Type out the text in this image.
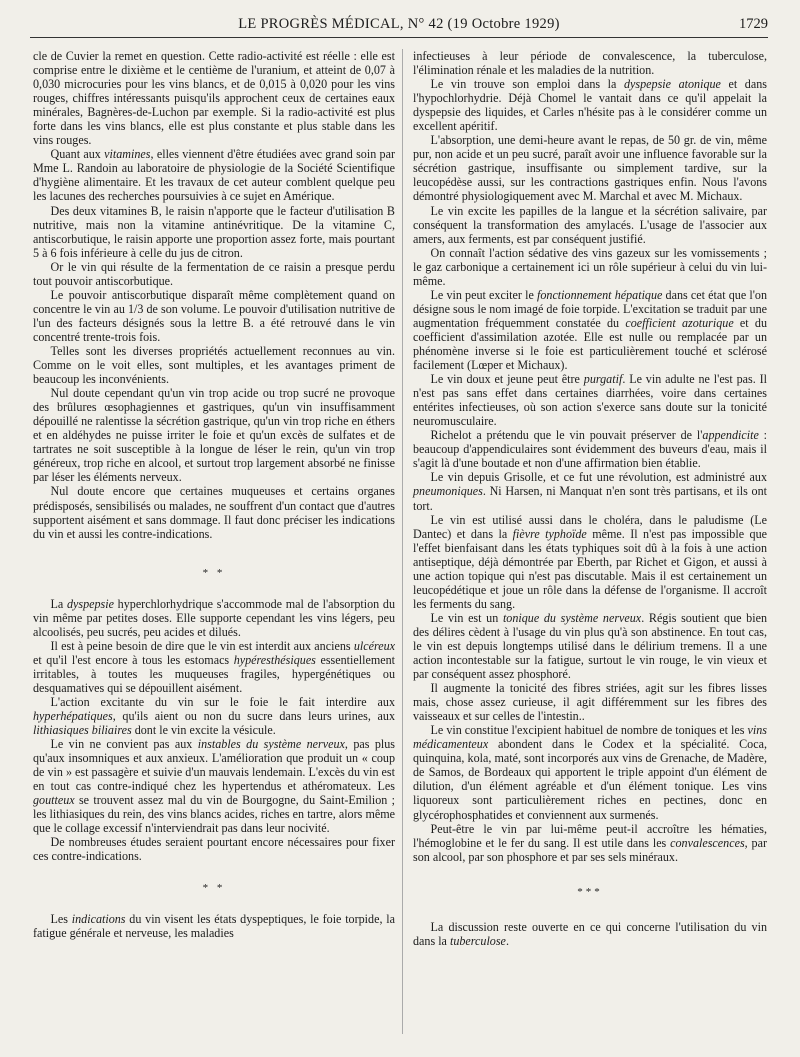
LE PROGRÈS MÉDICAL, N° 42 (19 Octobre 1929)	1729

cle de Cuvier la remet en question. Cette radio-activité est réelle : elle est comprise entre le dixième et le centième de l'uranium, et atteint de 0,07 à 0,030 microcuries pour les vins blancs, et de 0,015 à 0,020 pour les vins rouges, chiffres intéressants puisqu'ils approchent ceux de certaines eaux minérales, Bagnères-de-Luchon par exemple. Si la radio-activité est plus forte dans les vins blancs, elle est plus constante et plus stable dans les vins rouges.

Quant aux vitamines, elles viennent d'être étudiées avec grand soin par Mme L. Randoin au laboratoire de physiologie de la Société Scientifique d'hygiène alimentaire. Et les travaux de cet auteur comblent quelque peu les lacunes des recherches poursuivies à ce sujet en Amérique.

Des deux vitamines B, le raisin n'apporte que le facteur d'utilisation B nutritive, mais non la vitamine antinévritique. De la vitamine C, antiscorbutique, le raisin apporte une proportion assez forte, mais pourtant 5 à 6 fois inférieure à celle du jus de citron.

Or le vin qui résulte de la fermentation de ce raisin a presque perdu tout pouvoir antiscorbutique.

Le pouvoir antiscorbutique disparaît même complètement quand on concentre le vin au 1/3 de son volume. Le pouvoir d'utilisation nutritive de l'un des facteurs désignés sous la lettre B. a été retrouvé dans le vin concentré trente-trois fois.

Telles sont les diverses propriétés actuellement reconnues au vin. Comme on le voit elles, sont multiples, et les avantages priment de beaucoup les inconvénients.

Nul doute cependant qu'un vin trop acide ou trop sucré ne provoque des brûlures œsophagiennes et gastriques, qu'un vin insuffisamment dépouillé ne ralentisse la sécrétion gastrique, qu'un vin trop riche en éthers et en aldéhydes ne puisse irriter le foie et qu'un excès de sulfates et de tartrates ne soit susceptible à la longue de léser le rein, qu'un vin trop généreux, trop riche en alcool, et surtout trop largement absorbé ne finisse par léser les éléments nerveux.

Nul doute encore que certaines muqueuses et certains organes prédisposés, sensibilisés ou malades, ne souffrent d'un contact que d'autres supportent aisément et sans dommage. Il faut donc préciser les indications du vin et aussi les contre-indications.

* *

La dyspepsie hyperchlorhydrique s'accommode mal de l'absorption du vin même par petites doses. Elle supporte cependant les vins légers, peu alcoolisés, peu sucrés, peu acides et dilués.

Il est à peine besoin de dire que le vin est interdit aux anciens ulcéreux et qu'il l'est encore à tous les estomacs hypéresthésiques essentiellement irritables, à toutes les muqueuses fragiles, hypergénétiques ou desquamatives qui se dépouillent aisément.

L'action excitante du vin sur le foie le fait interdire aux hyperhépatiques, qu'ils aient ou non du sucre dans leurs urines, aux lithiasiques biliaires dont le vin excite la vésicule.

Le vin ne convient pas aux instables du système nerveux, pas plus qu'aux insomniques et aux anxieux. L'amélioration que produit un « coup de vin » est passagère et suivie d'un mauvais lendemain. L'excès du vin est en tout cas contre-indiqué chez les hypertendus et athéromateux. Les goutteux se trouvent assez mal du vin de Bourgogne, du Saint-Emilion ; les lithiasiques du rein, des vins blancs acides, riches en tartre, alors même que le collage excessif n'interviendrait pas dans leur nocivité.

De nombreuses études seraient pourtant encore nécessaires pour fixer ces contre-indications.

* *

Les indications du vin visent les états dyspeptiques, le foie torpide, la fatigue générale et nerveuse, les maladies

infectieuses à leur période de convalescence, la tuberculose, l'élimination rénale et les maladies de la nutrition.

Le vin trouve son emploi dans la dyspepsie atonique et dans l'hypochlorhydrie. Déjà Chomel le vantait dans ce qu'il appelait la dyspepsie des liquides, et Carles n'hésite pas à le considérer comme un excellent apéritif.

L'absorption, une demi-heure avant le repas, de 50 gr. de vin, même pur, non acide et un peu sucré, paraît avoir une influence favorable sur la sécrétion gastrique, insuffisante ou simplement tardive, sur la leucopédèse aussi, sur les contractions gastriques enfin. Nous l'avons démontré physiologiquement avec M. Marchal et avec M. Michaux.

Le vin excite les papilles de la langue et la sécrétion salivaire, par conséquent la transformation des amylacés. L'usage de l'associer aux amers, aux ferments, est par conséquent justifié.

On connaît l'action sédative des vins gazeux sur les vomissements ; le gaz carbonique a certainement ici un rôle supérieur à celui du vin lui-même.

Le vin peut exciter le fonctionnement hépatique dans cet état que l'on désigne sous le nom imagé de foie torpide. L'excitation se traduit par une augmentation fréquemment constatée du coefficient azoturique et du coefficient d'assimilation azotée. Elle est nulle ou remplacée par un phénomène inverse si le foie est particulièrement touché et sclérosé facilement (Lœper et Michaux).

Le vin doux et jeune peut être purgatif. Le vin adulte ne l'est pas. Il n'est pas sans effet dans certaines diarrhées, voire dans certaines entérites infectieuses, où son action s'exerce sans doute sur la tonicité neuromusculaire.

Richelot a prétendu que le vin pouvait préserver de l'appendicite : beaucoup d'appendiculaires sont évidemment des buveurs d'eau, mais il s'agit là d'une boutade et non d'une affirmation bien établie.

Le vin depuis Grisolle, et ce fut une révolution, est administré aux pneumoniques. Ni Harsen, ni Manquat n'en sont très partisans, et ils ont tort.

Le vin est utilisé aussi dans le choléra, dans le paludisme (Le Dantec) et dans la fièvre typhoïde même. Il n'est pas impossible que l'effet bienfaisant dans les états typhiques soit dû à la fois à une action antiseptique, déjà démontrée par Eberth, par Richet et Gigon, et aussi à une action topique qui n'est pas discutable. Mais il est certainement un leucopédétique et joue un rôle dans la défense de l'organisme. Il accroît les ferments du sang.

Le vin est un tonique du système nerveux. Régis soutient que bien des délires cèdent à l'usage du vin plus qu'à son abstinence. En tout cas, le vin est depuis longtemps utilisé dans le délirium tremens. Il a une action incontestable sur la fatigue, surtout le vin rouge, le vin vieux et par conséquent assez phosphoré.

Il augmente la tonicité des fibres striées, agit sur les fibres lisses mais, chose assez curieuse, il agit différemment sur les fibres des vaisseaux et sur celles de l'intestin..

Le vin constitue l'excipient habituel de nombre de toniques et les vins médicamenteux abondent dans le Codex et la spécialité. Coca, quinquina, kola, maté, sont incorporés aux vins de Grenache, de Madère, de Samos, de Bordeaux qui apportent le triple appoint d'un élément de dilution, d'un élément agréable et d'un élément tonique. Les vins liquoreux sont particulièrement riches en pectines, donc en glycérophosphatides et conviennent aux surmenés.

Peut-être le vin par lui-même peut-il accroître les hématies, l'hémoglobine et le fer du sang. Il est utile dans les convalescences, par son alcool, par son phosphore et par ses sels minéraux.

***

La discussion reste ouverte en ce qui concerne l'utilisation du vin dans la tuberculose.
